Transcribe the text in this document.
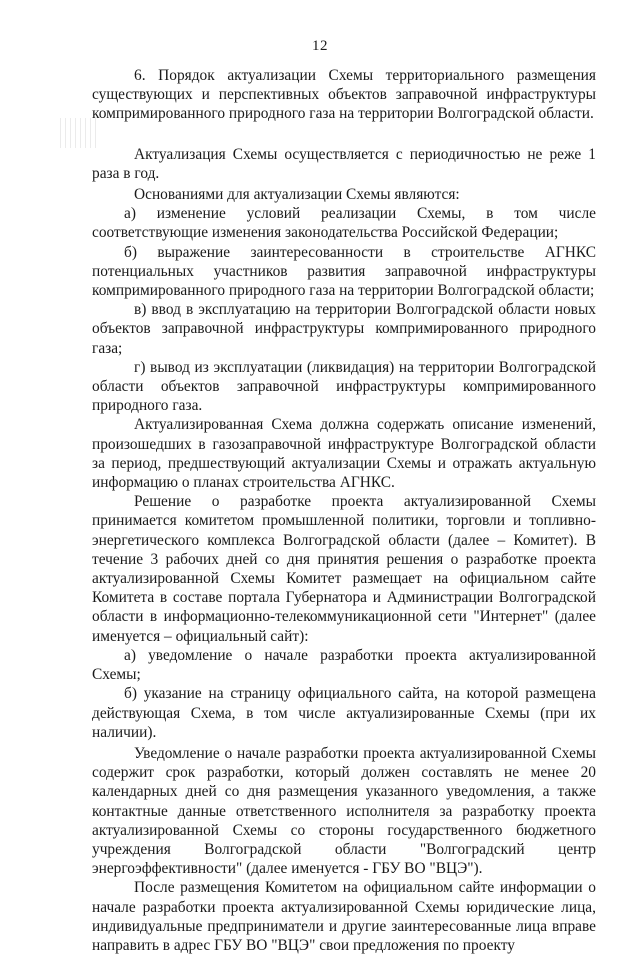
12

6. Порядок актуализации Схемы территориального размещения существующих и перспективных объектов заправочной инфраструктуры компримированного природного газа на территории Волгоградской области.

Актуализация Схемы осуществляется с периодичностью не реже 1 раза в год.

Основаниями для актуализации Схемы являются:

а) изменение условий реализации Схемы, в том числе соответствующие изменения законодательства Российской Федерации;

б) выражение заинтересованности в строительстве АГНКС потенциальных участников развития заправочной инфраструктуры компримированного природного газа на территории Волгоградской области;

в) ввод в эксплуатацию на территории Волгоградской области новых объектов заправочной инфраструктуры компримированного природного газа;

г) вывод из эксплуатации (ликвидация) на территории Волгоградской области объектов заправочной инфраструктуры компримированного природного газа.

Актуализированная Схема должна содержать описание изменений, произошедших в газозаправочной инфраструктуре Волгоградской области за период, предшествующий актуализации Схемы и отражать актуальную информацию о планах строительства АГНКС.

Решение о разработке проекта актуализированной Схемы принимается комитетом промышленной политики, торговли и топливно-энергетического комплекса Волгоградской области (далее – Комитет). В течение 3 рабочих дней со дня принятия решения о разработке проекта актуализированной Схемы Комитет размещает на официальном сайте Комитета в составе портала Губернатора и Администрации Волгоградской области в информационно-телекоммуникационной сети "Интернет" (далее именуется – официальный сайт):

а) уведомление о начале разработки проекта актуализированной Схемы;

б) указание на страницу официального сайта, на которой размещена действующая Схема, в том числе актуализированные Схемы (при их наличии).

Уведомление о начале разработки проекта актуализированной Схемы содержит срок разработки, который должен составлять не менее 20 календарных дней со дня размещения указанного уведомления, а также контактные данные ответственного исполнителя за разработку проекта актуализированной Схемы со стороны государственного бюджетного учреждения Волгоградской области "Волгоградский центр энергоэффективности" (далее именуется - ГБУ ВО "ВЦЭ").

После размещения Комитетом на официальном сайте информации о начале разработки проекта актуализированной Схемы юридические лица, индивидуальные предприниматели и другие заинтересованные лица вправе направить в адрес ГБУ ВО "ВЦЭ" свои предложения по проекту
